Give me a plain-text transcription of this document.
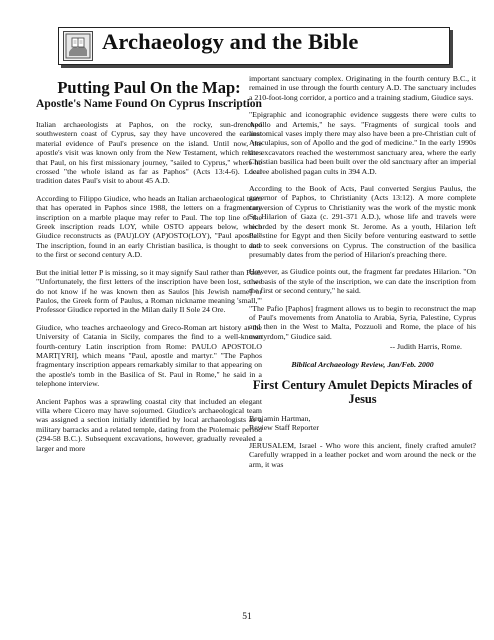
Archaeology and the Bible
Putting Paul On the Map:
Apostle's Name Found On Cyprus Inscription

Italian archaeologists at Paphos, on the rocky, sun-drenched southwestern coast of Cyprus, say they have uncovered the earliest material evidence of Paul's presence on the island. Until now, the apostle's visit was known only from the New Testament, which relates that Paul, on his first missionary journey, "sailed to Cyprus," where he crossed "the whole island as far as Paphos" (Acts 13:4-6). Local tradition dates Paul's visit to about 45 A.D.

According to Filippo Giudice, who heads an Italian archaeological team that has operated in Paphos since 1988, the letters on a fragmentary inscription on a marble plaque may refer to Paul. The top line of the Greek inscription reads LOY, while OSTO appears below, which Giudice reconstructs as (PAU)LOY (AP)OSTO(LOY), "Paul apostle." The inscription, found in an early Christian basilica, is thought to date to the first or second century A.D.

But the initial letter P is missing, so it may signify Saul rather than Paul. "Unfortunately, the first letters of the inscription have been lost, so we do not know if he was known then as Saulos [his Jewish name] or Paulos, the Greek form of Paulus, a Roman nickname meaning 'small,'" Professor Giudice reported in the Milan daily Il Sole 24 Ore.

Giudice, who teaches archaeology and Greco-Roman art history at the University of Catania in Sicily, compares the find to a well-known fourth-century Latin inscription from Rome: PAULO APOSTOLO MART[YRI], which means "Paul, apostle and martyr." "The Paphos fragmentary inscription appears remarkably similar to that appearing on the apostle's tomb in the Basilica of St. Paul in Rome," he said in a telephone interview.

Ancient Paphos was a sprawling coastal city that included an elegant villa where Cicero may have sojourned. Giudice's archaeological team was assigned a section initially identified by local archaeologists as a military barracks and a related temple, dating from the Ptolemaic period (294-58 B.C.). Subsequent excavations, however, gradually revealed a larger and more

important sanctuary complex. Originating in the fourth century B.C., it remained in use through the fourth century A.D. The sanctuary includes a 210-foot-long corridor, a portico and a training stadium, Giudice says.

"Epigraphic and iconographic evidence suggests there were cults to Apollo and Artemis," he says. "Fragments of surgical tools and anatomical vases imply there may also have been a pre-Christian cult of Aesculapius, son of Apollo and the god of medicine." In the early 1990s the excavators reached the westernmost sanctuary area, where the early Christian basilica had been built over the old sanctuary after an imperial decree abolished pagan cults in 394 A.D.

According to the Book of Acts, Paul converted Sergius Paulus, the governor of Paphos, to Christianity (Acts 13:12). A more complete conversion of Cyprus to Christianity was the work of the mystic monk St. Hilarion of Gaza (c. 291-371 A.D.), whose life and travels were recorded by the desert monk St. Jerome. As a youth, Hilarion left Palestine for Egypt and then Sicily before venturing eastward to settle and to seek conversions on Cyprus. The construction of the basilica presumably dates from the period of Hilarion's preaching there.

However, as Giudice points out, the fragment far predates Hilarion. "On the basis of the style of the inscription, we can date the inscription from the first or second century," he said.

"The Pafio [Paphos] fragment allows us to begin to reconstruct the map of Paul's movements from Anatolia to Arabia, Syria, Palestine, Cyprus and then in the West to Malta, Pozzuoli and Rome, the place of his martyrdom," Giudice said.

-- Judith Harris, Rome.

Biblical Archaeology Review, Jan/Feb. 2000

First Century Amulet Depicts Miracles of Jesus

Benjamin Hartman,
Review Staff Reporter

JERUSALEM, Israel - Who wore this ancient, finely crafted amulet? Carefully wrapped in a leather pocket and worn around the neck or the arm, it was

51
